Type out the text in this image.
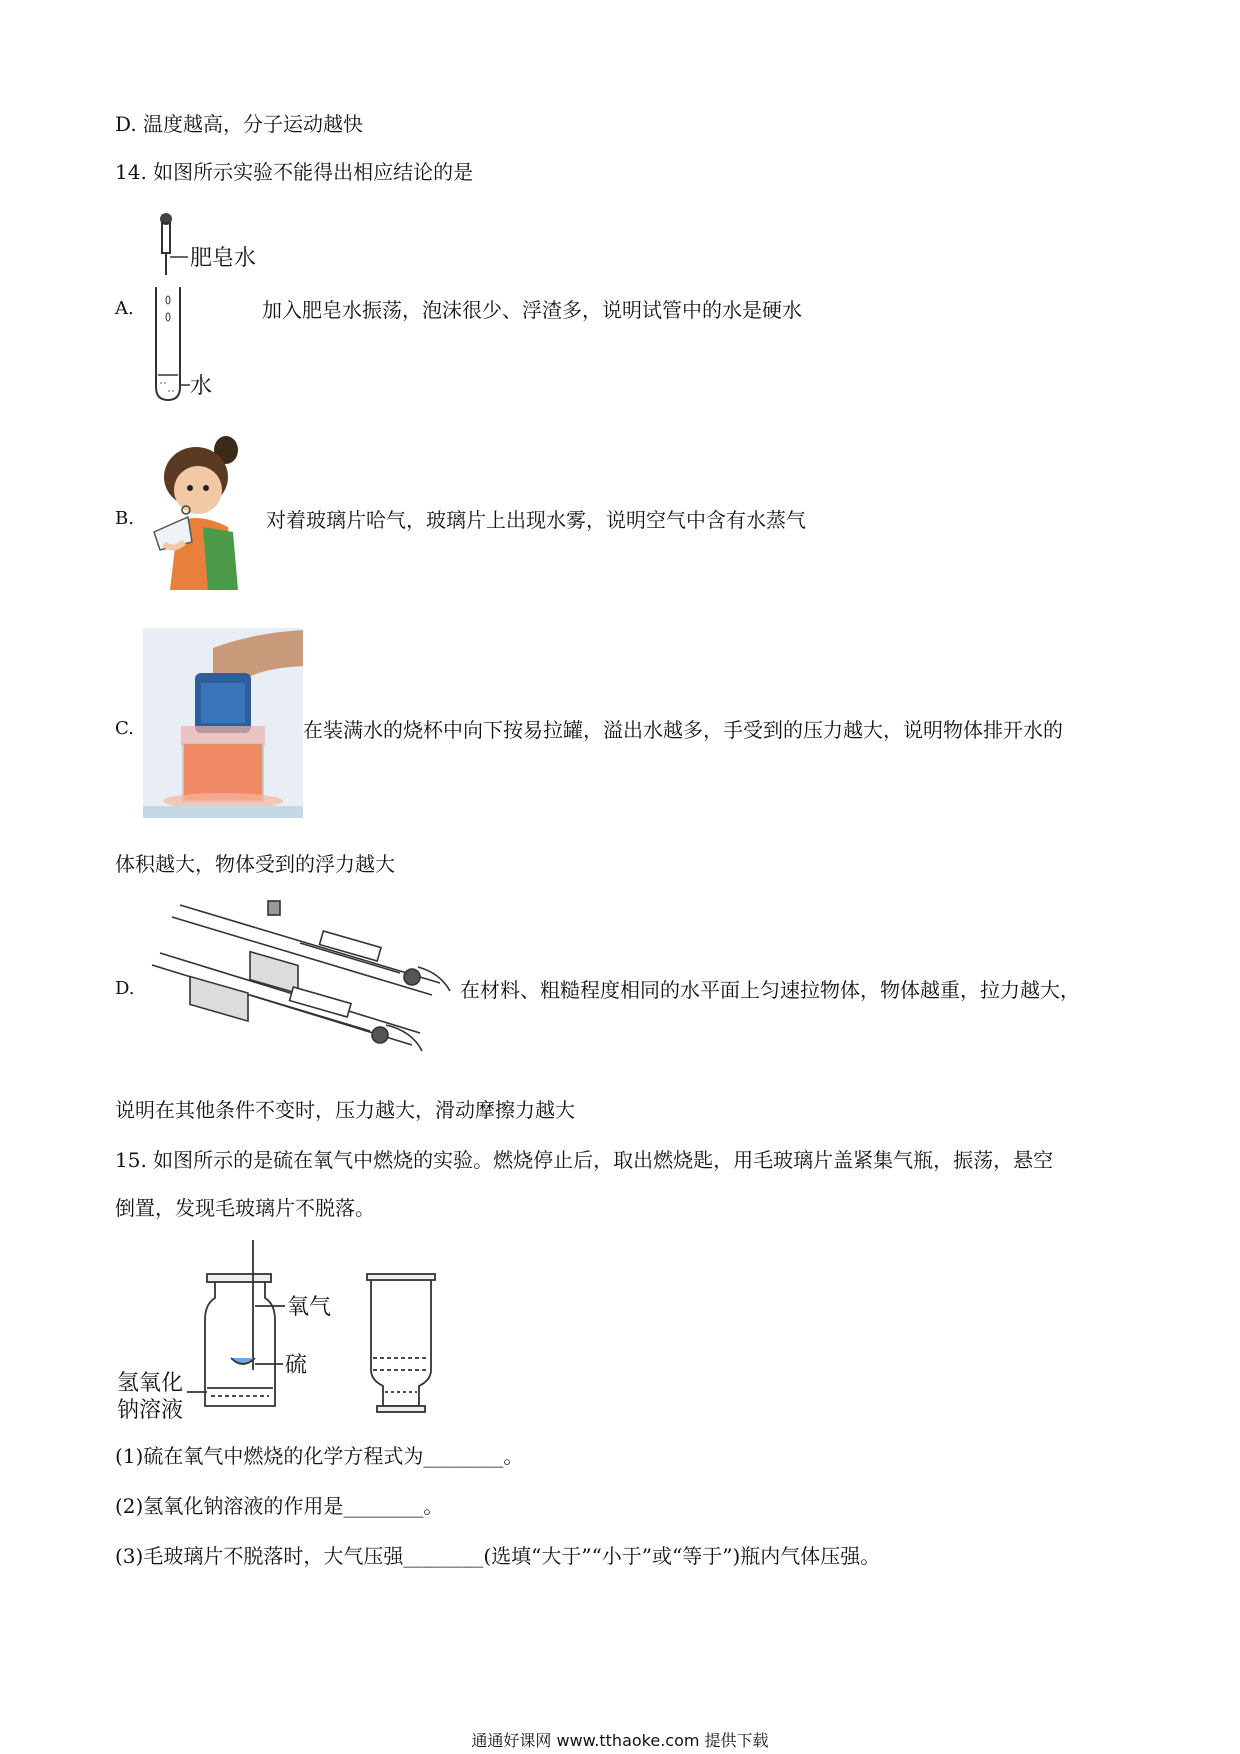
D. 温度越高，分子运动越快
14. 如图所示实验不能得出相应结论的是
A.
肥皂水
水
加入肥皂水振荡，泡沫很少、浮渣多，说明试管中的水是硬水
B.	对着玻璃片哈气，玻璃片上出现水雾，说明空气中含有水蒸气
C.	在装满水的烧杯中向下按易拉罐，溢出水越多，手受到的压力越大，说明物体排开水的
体积越大，物体受到的浮力越大
D.	在材料、粗糙程度相同的水平面上匀速拉物体，物体越重，拉力越大，
说明在其他条件不变时，压力越大，滑动摩擦力越大
15. 如图所示的是硫在氧气中燃烧的实验。燃烧停止后，取出燃烧匙，用毛玻璃片盖紧集气瓶，振荡，悬空
倒置，发现毛玻璃片不脱落。
氧气
硫
氢氧化
钠溶液
(1)硫在氧气中燃烧的化学方程式为________。
(2)氢氧化钠溶液的作用是________。
(3)毛玻璃片不脱落时，大气压强________(选填“大于”“小于”或“等于”)瓶内气体压强。
通通好课网 www.tthaoke.com 提供下载
